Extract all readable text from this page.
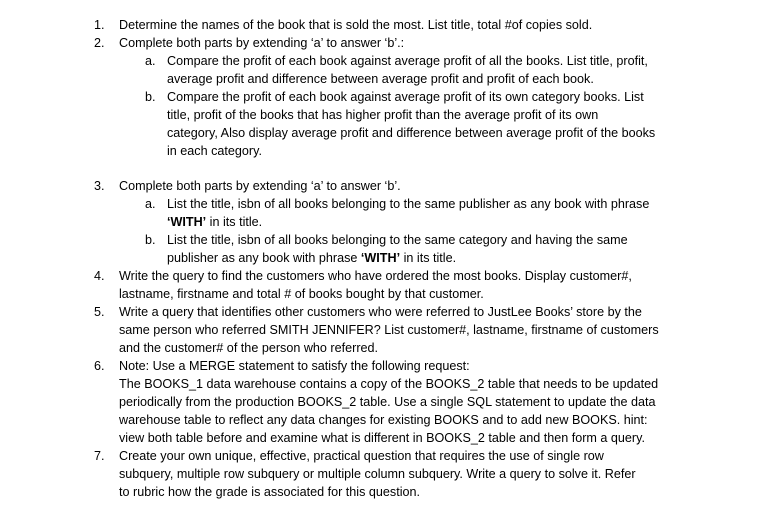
1.	Determine the names of the book that is sold the most. List title, total #of copies sold.
2.	Complete both parts by extending ‘a’ to answer ‘b’.:
a. Compare the profit of each book against average profit of all the books. List title, profit,
average profit and difference between average profit and profit of each book.
b. Compare the profit of each book against average profit of its own category books. List
title, profit of the books that has higher profit than the average profit of its own
category, Also display average profit and difference between average profit of the books
in each category.
3.	Complete both parts by extending ‘a’ to answer ‘b’.
a. List the title, isbn of all books belonging to the same publisher as any book with phrase
‘WITH’ in its title.
b. List the title, isbn of all books belonging to the same category and having the same
publisher as any book with phrase ‘WITH’ in its title.
4.	Write the query to find the customers who have ordered the most books. Display customer#,
lastname, firstname and total # of books bought by that customer.
5.	Write a query that identifies other customers who were referred to JustLee Books’ store by the
same person who referred SMITH JENNIFER? List customer#, lastname, firstname of customers
and the customer# of the person who referred.
6.	Note: Use a MERGE statement to satisfy the following request:
The BOOKS_1 data warehouse contains a copy of the BOOKS_2 table that needs to be updated
periodically from the production BOOKS_2 table. Use a single SQL statement to update the data
warehouse table to reflect any data changes for existing BOOKS and to add new BOOKS. hint:
view both table before and examine what is different in BOOKS_2 table and then form a query.
7.	Create your own unique, effective, practical question that requires the use of single row
subquery, multiple row subquery or multiple column subquery. Write a query to solve it. Refer
to rubric how the grade is associated for this question.
